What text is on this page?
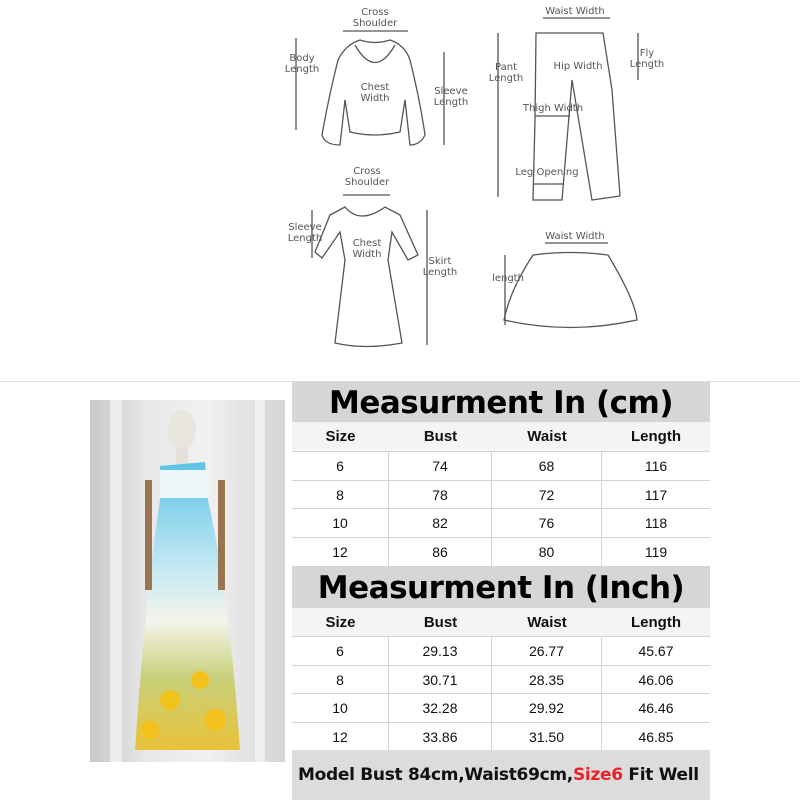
Cross Shoulder
Body Length
Chest Width
Sleeve Length
Waist Width
Pant Length
Fly Length
Hip Width
Thigh Width
Leg Opening
Cross Shoulder
Sleeve Length	Chest Width
Skirt Length
Waist Width
length
Measurment In (cm)
Size	Bust	Waist	Length
6	74	68	116
8	78	72	117
10	82	76	118
12	86	80	119
Measurment In (Inch)
Size	Bust	Waist	Length
6	29.13	26.77	45.67
8	30.71	28.35	46.06
10	32.28	29.92	46.46
12	33.86	31.50	46.85
Model Bust 84cm,Waist69cm, Size6 Fit Well
